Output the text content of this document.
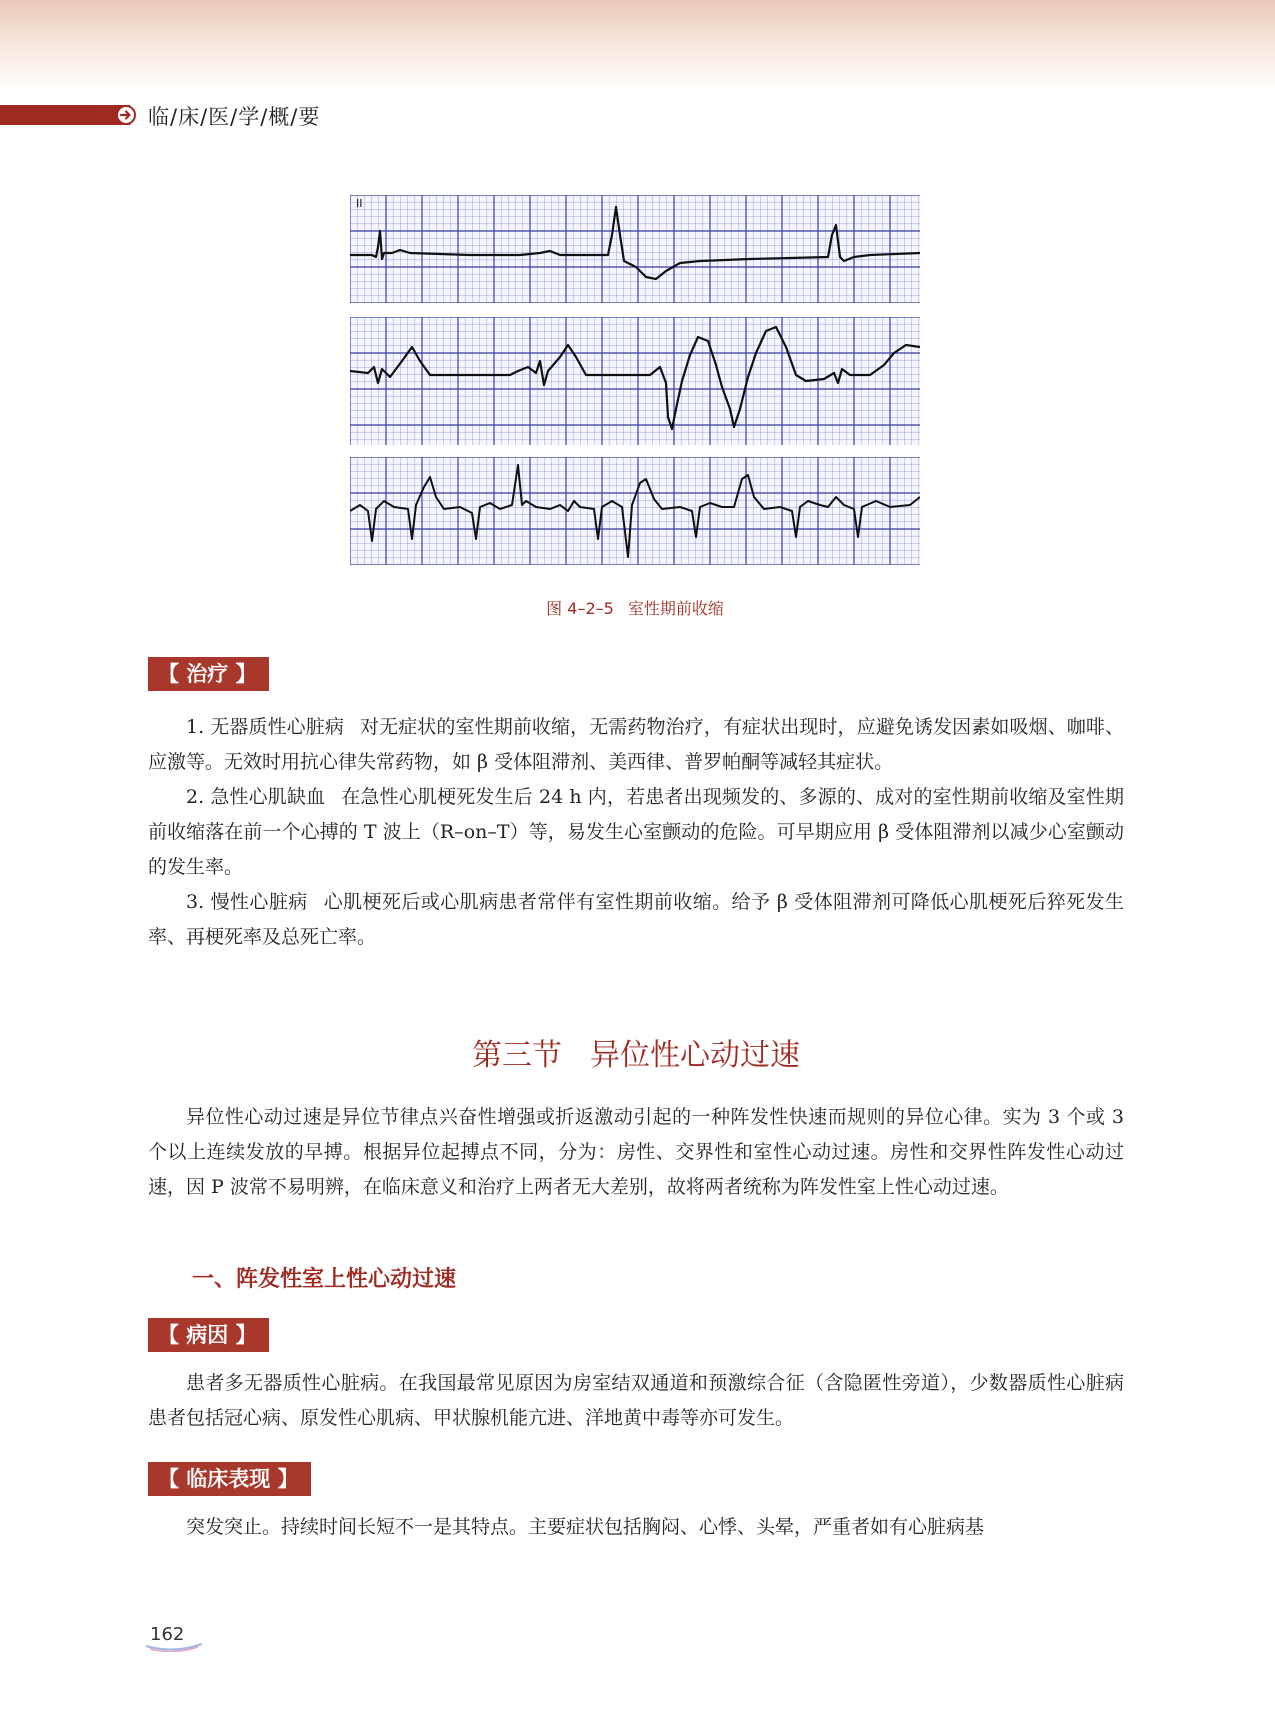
临/床/医/学/概/要
II
图 4–2–5 室性期前收缩
【 治疗 】

1. 无器质性心脏病 对无症状的室性期前收缩，无需药物治疗，有症状出现时，应避免诱发因素如吸烟、咖啡、应激等。无效时用抗心律失常药物，如 β 受体阻滞剂、美西律、普罗帕酮等减轻其症状。

2. 急性心肌缺血 在急性心肌梗死发生后 24 h 内，若患者出现频发的、多源的、成对的室性期前收缩及室性期前收缩落在前一个心搏的 T 波上（R–on–T）等，易发生心室颤动的危险。可早期应用 β 受体阻滞剂以减少心室颤动的发生率。

3. 慢性心脏病 心肌梗死后或心肌病患者常伴有室性期前收缩。给予 β 受体阻滞剂可降低心肌梗死后猝死发生率、再梗死率及总死亡率。

第三节 异位性心动过速

异位性心动过速是异位节律点兴奋性增强或折返激动引起的一种阵发性快速而规则的异位心律。实为 3 个或 3 个以上连续发放的早搏。根据异位起搏点不同，分为：房性、交界性和室性心动过速。房性和交界性阵发性心动过速，因 P 波常不易明辨，在临床意义和治疗上两者无大差别，故将两者统称为阵发性室上性心动过速。

一、阵发性室上性心动过速
【 病因 】

患者多无器质性心脏病。在我国最常见原因为房室结双通道和预激综合征（含隐匿性旁道），少数器质性心脏病患者包括冠心病、原发性心肌病、甲状腺机能亢进、洋地黄中毒等亦可发生。

【 临床表现 】

突发突止。持续时间长短不一是其特点。主要症状包括胸闷、心悸、头晕，严重者如有心脏病基

162
